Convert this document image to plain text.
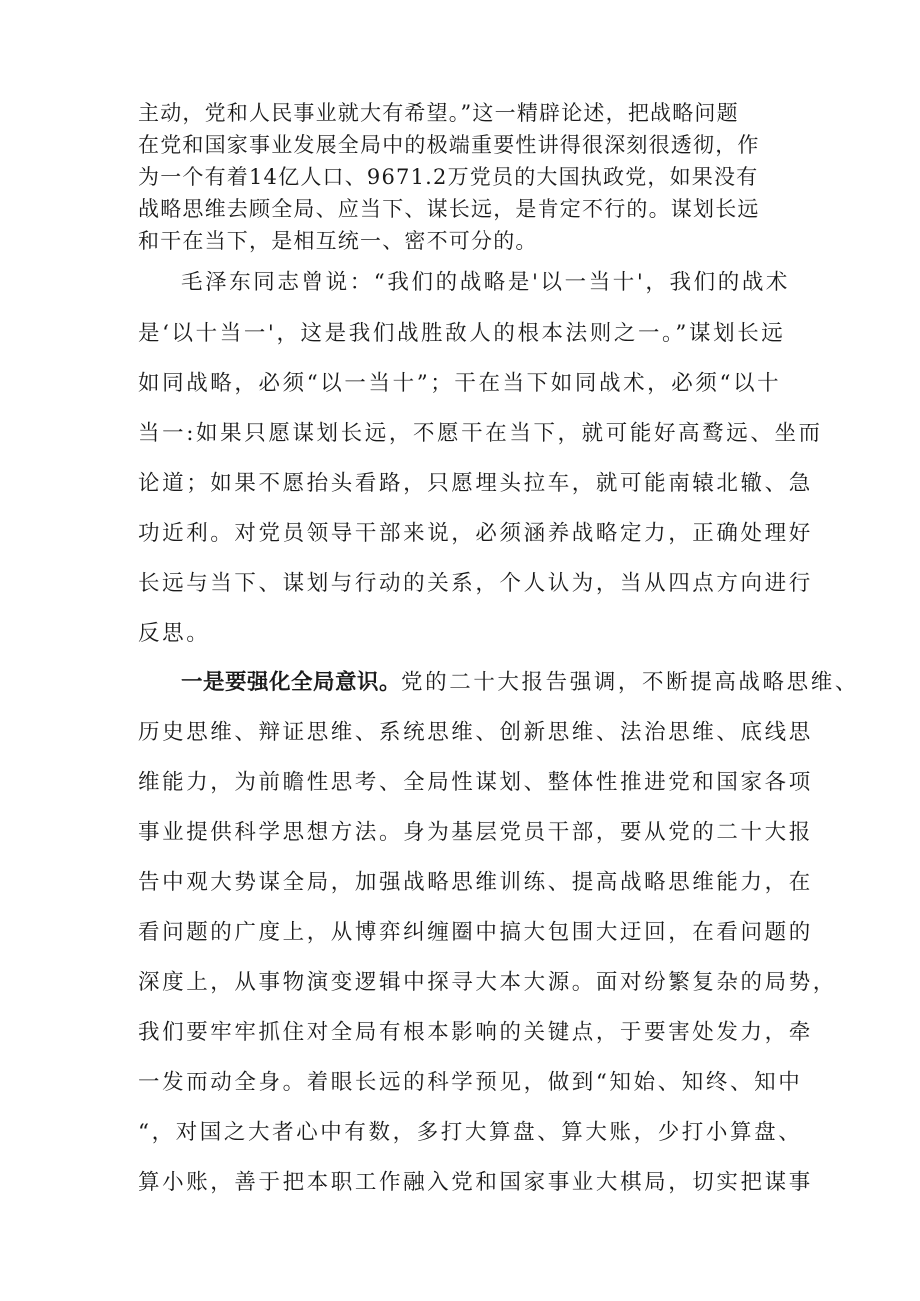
主动，党和人民事业就大有希望。”这一精辟论述，把战略问题
在党和国家事业发展全局中的极端重要性讲得很深刻很透彻，作
为一个有着14亿人口、9671.2万党员的大国执政党，如果没有
战略思维去顾全局、应当下、谋长远，是肯定不行的。谋划长远
和干在当下，是相互统一、密不可分的。
毛泽东同志曾说：“我们的战略是'以一当十'，我们的战术
是‘以十当一'，这是我们战胜敌人的根本法则之一。”谋划长远
如同战略，必须“以一当十”；干在当下如同战术，必须“以十
当一:如果只愿谋划长远，不愿干在当下，就可能好高鹜远、坐而
论道；如果不愿抬头看路，只愿埋头拉车，就可能南辕北辙、急
功近利。对党员领导干部来说，必须涵养战略定力，正确处理好
长远与当下、谋划与行动的关系，个人认为，当从四点方向进行
反思。
一是要强化全局意识。党的二十大报告强调，不断提高战略思维、
历史思维、辩证思维、系统思维、创新思维、法治思维、底线思
维能力，为前瞻性思考、全局性谋划、整体性推进党和国家各项
事业提供科学思想方法。身为基层党员干部，要从党的二十大报
告中观大势谋全局，加强战略思维训练、提高战略思维能力，在
看问题的广度上，从博弈纠缠圈中搞大包围大迂回，在看问题的
深度上，从事物演变逻辑中探寻大本大源。面对纷繁复杂的局势，
我们要牢牢抓住对全局有根本影响的关键点，于要害处发力，牵
一发而动全身。着眼长远的科学预见，做到“知始、知终、知中
“，对国之大者心中有数，多打大算盘、算大账，少打小算盘、
算小账，善于把本职工作融入党和国家事业大棋局，切实把谋事
